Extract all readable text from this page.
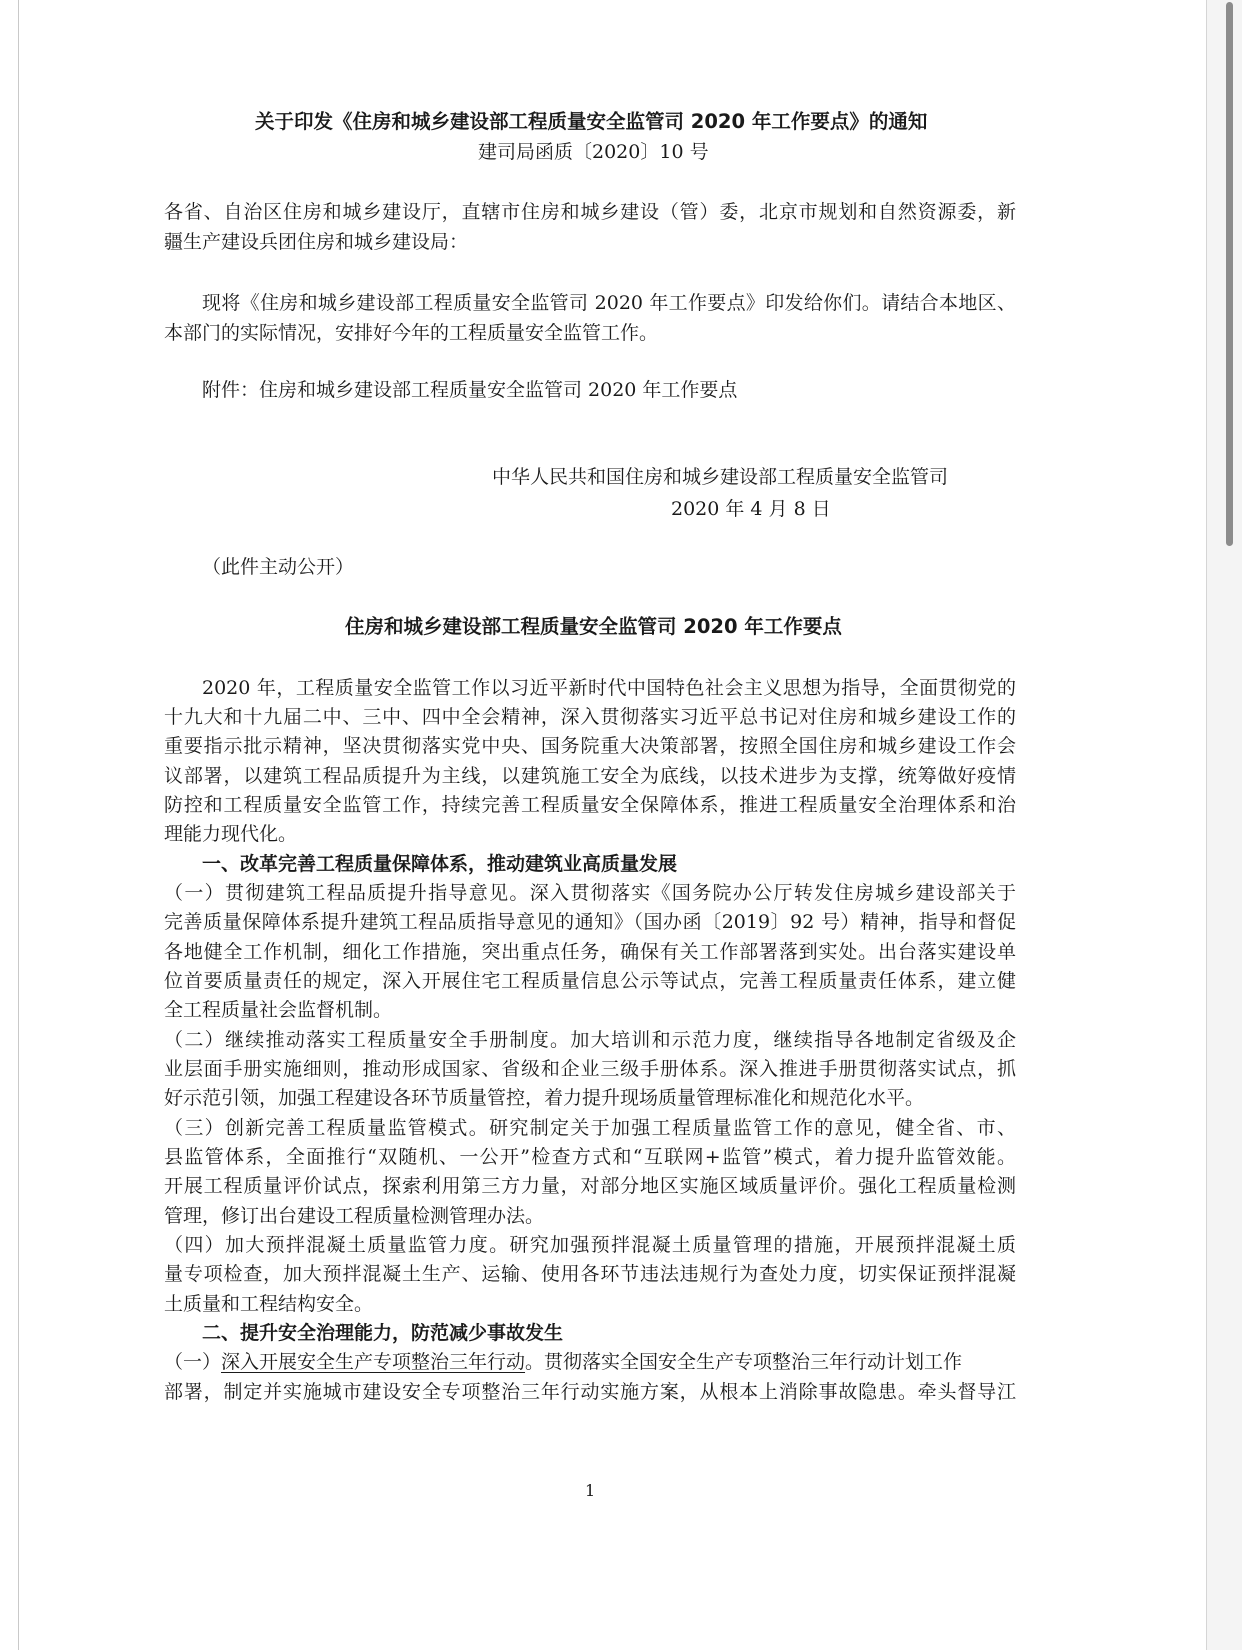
关于印发《住房和城乡建设部工程质量安全监管司 2020 年工作要点》的通知
建司局函质〔2020〕10 号
各省、自治区住房和城乡建设厅，直辖市住房和城乡建设（管）委，北京市规划和自然资源委，新
疆生产建设兵团住房和城乡建设局：
现将《住房和城乡建设部工程质量安全监管司 2020 年工作要点》印发给你们。请结合本地区、
本部门的实际情况，安排好今年的工程质量安全监管工作。
附件：住房和城乡建设部工程质量安全监管司 2020 年工作要点
中华人民共和国住房和城乡建设部工程质量安全监管司
2020 年 4 月 8 日
（此件主动公开）
住房和城乡建设部工程质量安全监管司 2020 年工作要点
2020 年，工程质量安全监管工作以习近平新时代中国特色社会主义思想为指导，全面贯彻党的
十九大和十九届二中、三中、四中全会精神，深入贯彻落实习近平总书记对住房和城乡建设工作的
重要指示批示精神，坚决贯彻落实党中央、国务院重大决策部署，按照全国住房和城乡建设工作会
议部署，以建筑工程品质提升为主线，以建筑施工安全为底线，以技术进步为支撑，统筹做好疫情
防控和工程质量安全监管工作，持续完善工程质量安全保障体系，推进工程质量安全治理体系和治
理能力现代化。
一、改革完善工程质量保障体系，推动建筑业高质量发展
（一）贯彻建筑工程品质提升指导意见。深入贯彻落实《国务院办公厅转发住房城乡建设部关于
完善质量保障体系提升建筑工程品质指导意见的通知》（国办函〔2019〕92 号）精神，指导和督促
各地健全工作机制，细化工作措施，突出重点任务，确保有关工作部署落到实处。出台落实建设单
位首要质量责任的规定，深入开展住宅工程质量信息公示等试点，完善工程质量责任体系，建立健
全工程质量社会监督机制。
（二）继续推动落实工程质量安全手册制度。加大培训和示范力度，继续指导各地制定省级及企
业层面手册实施细则，推动形成国家、省级和企业三级手册体系。深入推进手册贯彻落实试点，抓
好示范引领，加强工程建设各环节质量管控，着力提升现场质量管理标准化和规范化水平。
（三）创新完善工程质量监管模式。研究制定关于加强工程质量监管工作的意见，健全省、市、
县监管体系，全面推行“双随机、一公开”检查方式和“互联网+监管”模式，着力提升监管效能。
开展工程质量评价试点，探索利用第三方力量，对部分地区实施区域质量评价。强化工程质量检测
管理，修订出台建设工程质量检测管理办法。
（四）加大预拌混凝土质量监管力度。研究加强预拌混凝土质量管理的措施，开展预拌混凝土质
量专项检查，加大预拌混凝土生产、运输、使用各环节违法违规行为查处力度，切实保证预拌混凝
土质量和工程结构安全。
二、提升安全治理能力，防范减少事故发生
（一）深入开展安全生产专项整治三年行动。贯彻落实全国安全生产专项整治三年行动计划工作
部署，制定并实施城市建设安全专项整治三年行动实施方案，从根本上消除事故隐患。牵头督导江
1
